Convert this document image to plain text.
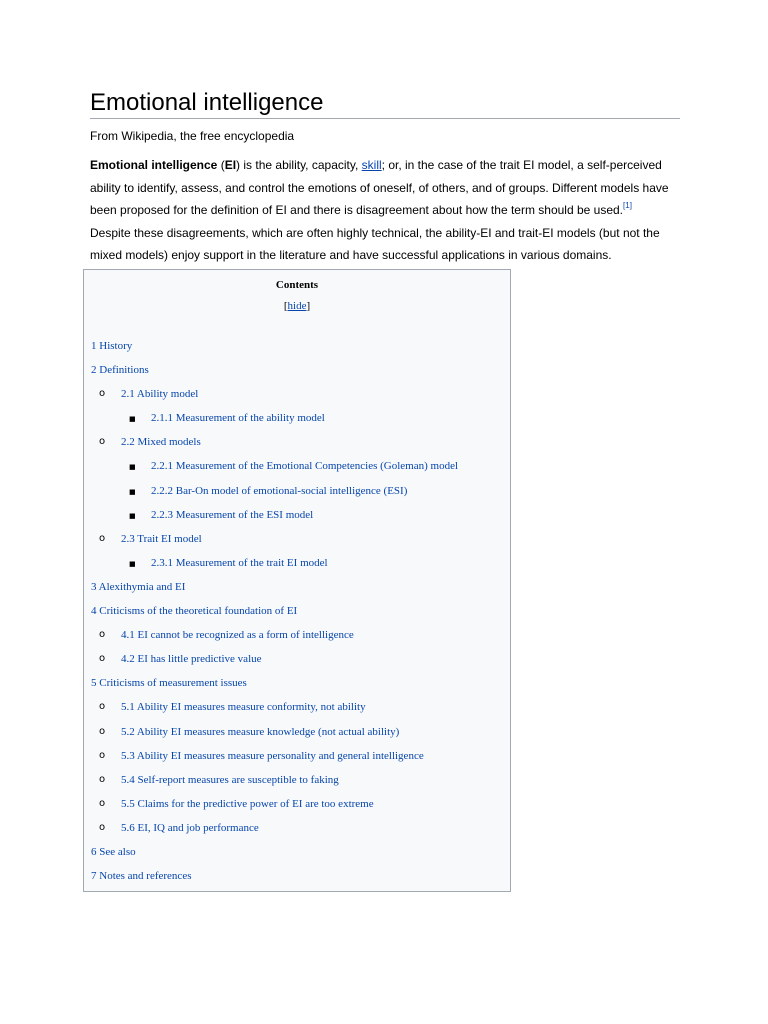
Emotional intelligence
From Wikipedia, the free encyclopedia
Emotional intelligence (EI) is the ability, capacity, skill; or, in the case of the trait EI model, a self-perceived ability to identify, assess, and control the emotions of oneself, of others, and of groups. Different models have been proposed for the definition of EI and there is disagreement about how the term should be used.[1] Despite these disagreements, which are often highly technical, the ability-EI and trait-EI models (but not the mixed models) enjoy support in the literature and have successful applications in various domains.
Contents
[hide]
1 History
2 Definitions
o 2.1 Ability model
■ 2.1.1 Measurement of the ability model
o 2.2 Mixed models
■ 2.2.1 Measurement of the Emotional Competencies (Goleman) model
■ 2.2.2 Bar-On model of emotional-social intelligence (ESI)
■ 2.2.3 Measurement of the ESI model
o 2.3 Trait EI model
■ 2.3.1 Measurement of the trait EI model
3 Alexithymia and EI
4 Criticisms of the theoretical foundation of EI
o 4.1 EI cannot be recognized as a form of intelligence
o 4.2 EI has little predictive value
5 Criticisms of measurement issues
o 5.1 Ability EI measures measure conformity, not ability
o 5.2 Ability EI measures measure knowledge (not actual ability)
o 5.3 Ability EI measures measure personality and general intelligence
o 5.4 Self-report measures are susceptible to faking
o 5.5 Claims for the predictive power of EI are too extreme
o 5.6 EI, IQ and job performance
6 See also
7 Notes and references
